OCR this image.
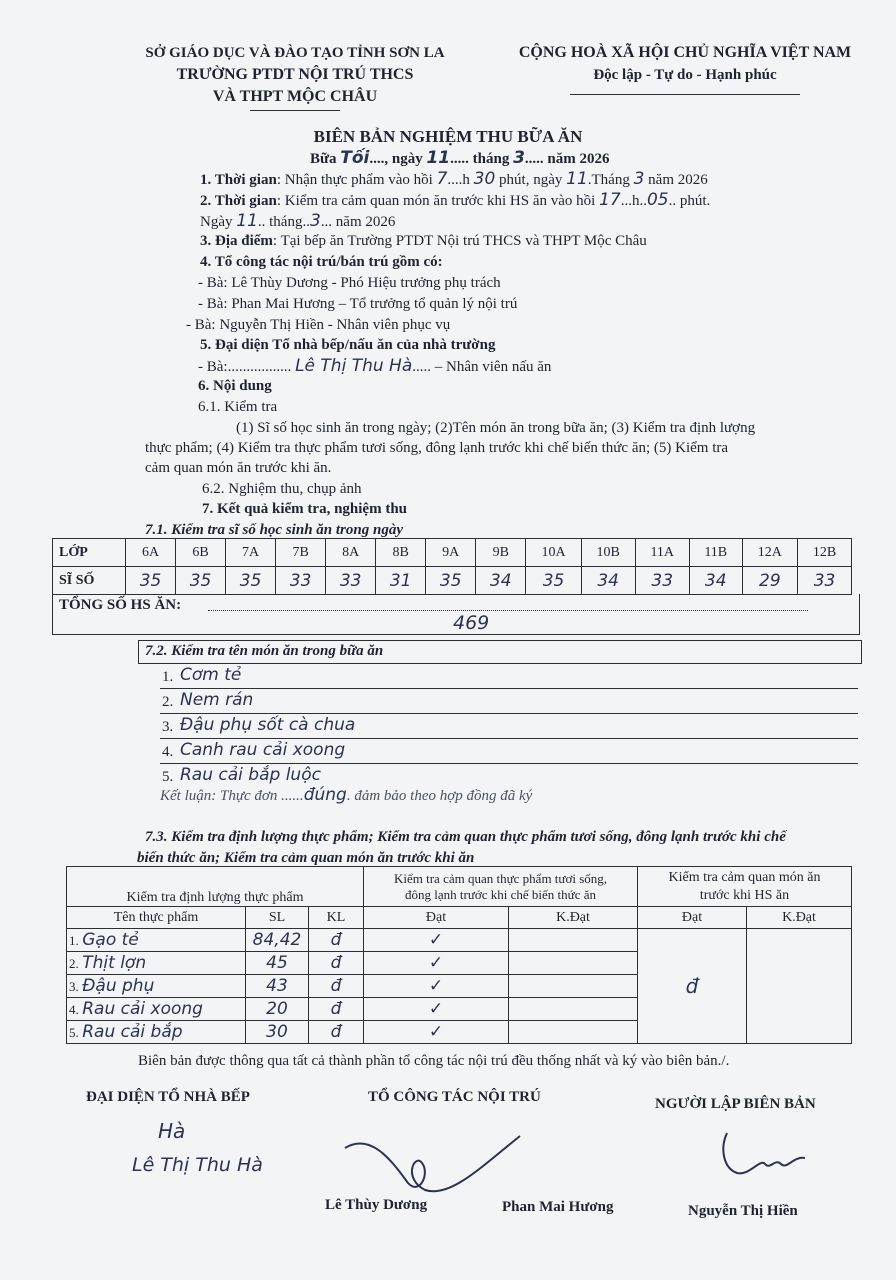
SỞ GIÁO DỤC VÀ ĐÀO TẠO TỈNH SƠN LA
TRƯỜNG PTDT NỘI TRÚ THCS
VÀ THPT MỘC CHÂU
CỘNG HOÀ XÃ HỘI CHỦ NGHĨA VIỆT NAM
Độc lập - Tự do - Hạnh phúc
BIÊN BẢN NGHIỆM THU BỮA ĂN
Bữa Tối...., ngày 11..... tháng 3..... năm 2026
1. Thời gian: Nhận thực phẩm vào hồi 7....h 30 phút, ngày 11.Tháng 3 năm 2026
2. Thời gian: Kiểm tra cảm quan món ăn trước khi HS ăn vào hồi 17...h..05.. phút.
Ngày 11.. tháng..3... năm 2026
3. Địa điểm: Tại bếp ăn Trường PTDT Nội trú THCS và THPT Mộc Châu
4. Tổ công tác nội trú/bán trú gồm có:
- Bà: Lê Thùy Dương - Phó Hiệu trưởng phụ trách
- Bà: Phan Mai Hương – Tổ trưởng tổ quản lý nội trú
- Bà: Nguyễn Thị Hiền - Nhân viên phục vụ
5. Đại diện Tổ nhà bếp/nấu ăn của nhà trường
- Bà:................. Lê Thị Thu Hà..... – Nhân viên nấu ăn
6. Nội dung
6.1. Kiểm tra
(1) Sĩ số học sinh ăn trong ngày; (2)Tên món ăn trong bữa ăn; (3) Kiểm tra định lượng
thực phẩm; (4) Kiểm tra thực phẩm tươi sống, đông lạnh trước khi chế biến thức ăn; (5) Kiểm tra
cảm quan món ăn trước khi ăn.
6.2. Nghiệm thu, chụp ảnh
7. Kết quả kiểm tra, nghiệm thu
7.1. Kiểm tra sĩ số học sinh ăn trong ngày
LỚP	6A	6B	7A	7B	8A	8B	9A	9B	10A	10B	11A	11B	12A	12B
SĨ SỐ	35	35	35	33	33	31	35	34	35	34	33	34	29	33
TỔNG SỐ HS ĂN:
469
7.2. Kiểm tra tên món ăn trong bữa ăn
1. Cơm tẻ
2. Nem rán
3. Đậu phụ sốt cà chua
4. Canh rau cải xoong
5. Rau cải bắp luộc
Kết luận: Thực đơn ......đúng. đảm bảo theo hợp đồng đã ký
7.3. Kiểm tra định lượng thực phẩm; Kiểm tra cảm quan thực phẩm tươi sống, đông lạnh trước khi chế
biến thức ăn; Kiểm tra cảm quan món ăn trước khi ăn
Kiểm tra định lượng thực phẩm			Kiểm tra cảm quan thực phẩm tươi sống,
đông lạnh trước khi chế biến thức ăn		Kiểm tra cảm quan món ăn
trước khi HS ăn	
Tên thực phẩm	SL	KL	Đạt	K.Đạt	Đạt	K.Đạt
1. Gạo tẻ	84,42	đ	✓		đ	
2. Thịt lợn	45	đ	✓			
3. Đậu phụ	43	đ	✓			
4. Rau cải xoong	20	đ	✓			
5. Rau cải bắp	30	đ	✓			
Biên bản được thông qua tất cả thành phần tổ công tác nội trú đều thống nhất và ký vào biên bản./.
ĐẠI DIỆN TỔ NHÀ BẾP	TỔ CÔNG TÁC NỘI TRÚ	NGƯỜI LẬP BIÊN BẢN
Hà
Lê Thị Thu Hà
Lê Thùy Dương	Phan Mai Hương	Nguyễn Thị Hiền
